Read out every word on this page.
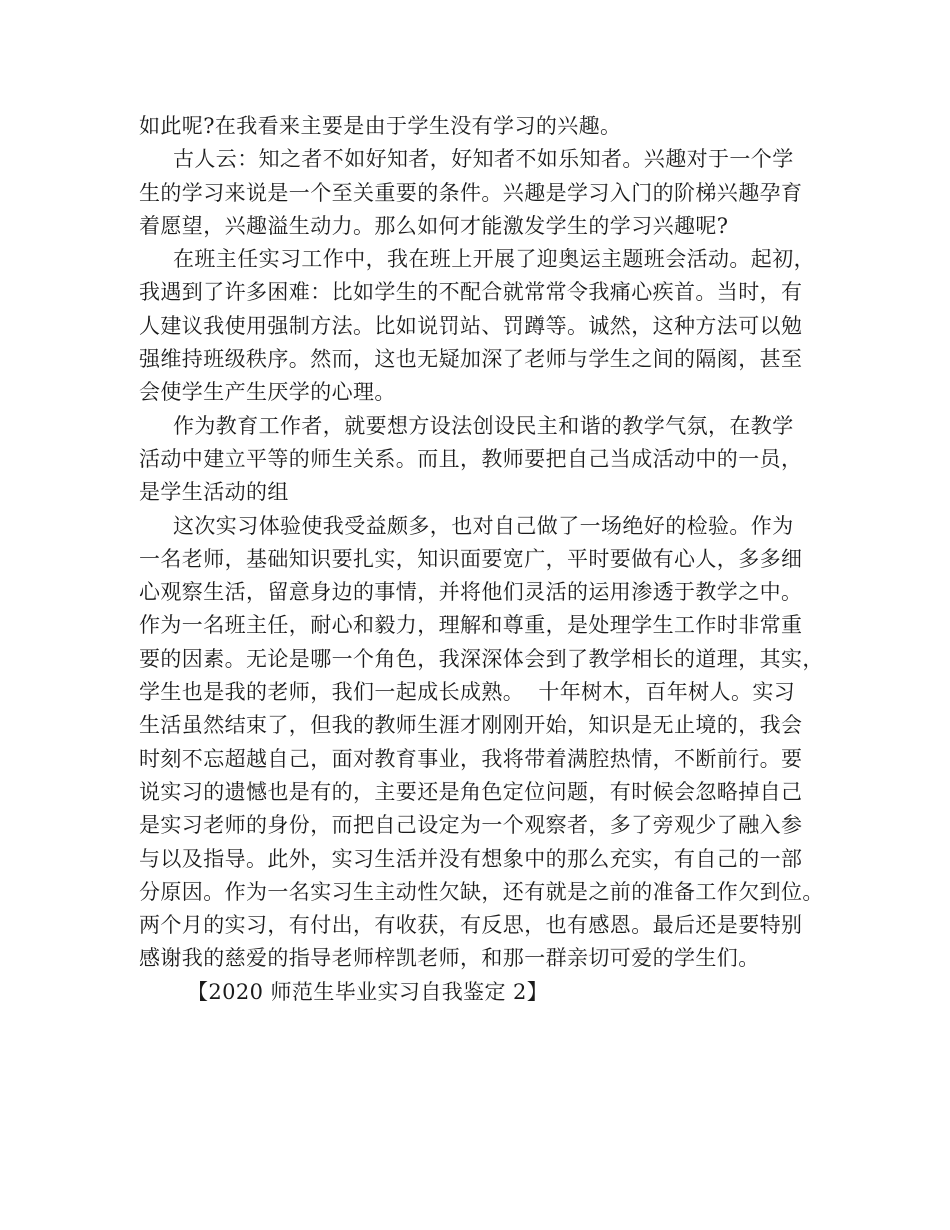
如此呢?在我看来主要是由于学生没有学习的兴趣。
古人云：知之者不如好知者，好知者不如乐知者。兴趣对于一个学
生的学习来说是一个至关重要的条件。兴趣是学习入门的阶梯兴趣孕育
着愿望，兴趣溢生动力。那么如何才能激发学生的学习兴趣呢?
在班主任实习工作中，我在班上开展了迎奥运主题班会活动。起初，
我遇到了许多困难：比如学生的不配合就常常令我痛心疾首。当时，有
人建议我使用强制方法。比如说罚站、罚蹲等。诚然，这种方法可以勉
强维持班级秩序。然而，这也无疑加深了老师与学生之间的隔阂，甚至
会使学生产生厌学的心理。
作为教育工作者，就要想方设法创设民主和谐的教学气氛，在教学
活动中建立平等的师生关系。而且，教师要把自己当成活动中的一员，
是学生活动的组
这次实习体验使我受益颇多，也对自己做了一场绝好的检验。作为
一名老师，基础知识要扎实，知识面要宽广，平时要做有心人，多多细
心观察生活，留意身边的事情，并将他们灵活的运用渗透于教学之中。
作为一名班主任，耐心和毅力，理解和尊重，是处理学生工作时非常重
要的因素。无论是哪一个角色，我深深体会到了教学相长的道理，其实，
学生也是我的老师，我们一起成长成熟。  十年树木，百年树人。实习
生活虽然结束了，但我的教师生涯才刚刚开始，知识是无止境的，我会
时刻不忘超越自己，面对教育事业，我将带着满腔热情，不断前行。要
说实习的遗憾也是有的，主要还是角色定位问题，有时候会忽略掉自己
是实习老师的身份，而把自己设定为一个观察者，多了旁观少了融入参
与以及指导。此外，实习生活并没有想象中的那么充实，有自己的一部
分原因。作为一名实习生主动性欠缺，还有就是之前的准备工作欠到位。
两个月的实习，有付出，有收获，有反思，也有感恩。最后还是要特别
感谢我的慈爱的指导老师梓凯老师，和那一群亲切可爱的学生们。
【2020 师范生毕业实习自我鉴定 2】
